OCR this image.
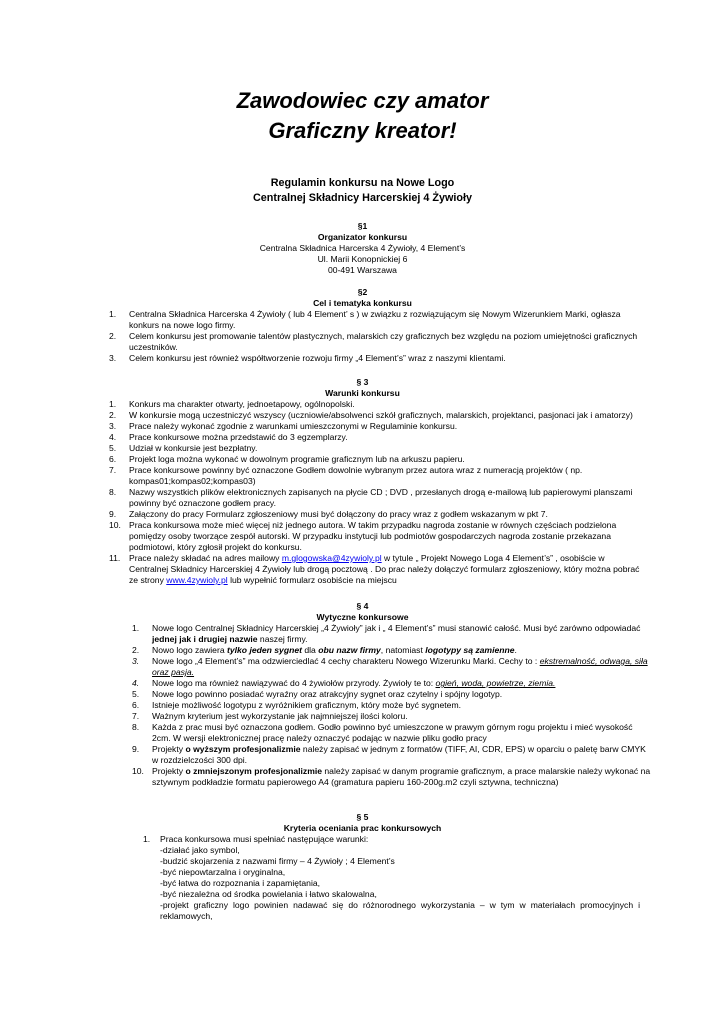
Zawodowiec czy amator
Graficzny kreator!
Regulamin konkursu na Nowe Logo
Centralnej Składnicy Harcerskiej 4 Żywioły
§1
Organizator konkursu
Centralna Składnica Harcerska 4 Żywioły, 4 Element’s
Ul. Marii Konopnickiej 6
00-491 Warszawa
§2
Cel i tematyka konkursu
1.	Centralna Składnica Harcerska 4 Żywioły ( lub 4 Element’ s ) w związku z rozwiązującym się Nowym Wizerunkiem Marki, ogłasza konkurs na nowe logo firmy.
2.	Celem konkursu jest promowanie talentów plastycznych, malarskich czy graficznych bez względu na poziom umiejętności graficznych uczestników.
3.	Celem konkursu jest również współtworzenie rozwoju firmy „4 Element’s” wraz z naszymi klientami.
§ 3
Warunki konkursu
1.	Konkurs ma charakter otwarty, jednoetapowy, ogólnopolski.
2.	W konkursie mogą uczestniczyć wszyscy (uczniowie/absolwenci szkół graficznych, malarskich, projektanci, pasjonaci jak i amatorzy)
3.	Prace należy wykonać zgodnie z warunkami umieszczonymi w Regulaminie konkursu.
4.	Prace konkursowe można przedstawić do 3 egzemplarzy.
5.	Udział w konkursie jest bezpłatny.
6.	Projekt loga można wykonać w dowolnym programie graficznym lub na arkuszu papieru.
7.	Prace konkursowe powinny być oznaczone Godłem dowolnie wybranym przez autora wraz z numeracją projektów ( np. kompas01;kompas02;kompas03)
8.	Nazwy wszystkich plików elektronicznych zapisanych na płycie CD ; DVD , przesłanych drogą e-mailową lub papierowymi planszami powinny być oznaczone godłem pracy.
9.	Załączony do pracy Formularz zgłoszeniowy musi być dołączony do pracy wraz z godłem wskazanym w pkt 7.
10. Praca konkursowa może mieć więcej niż jednego autora. W takim przypadku nagroda zostanie w równych częściach podzielona pomiędzy osoby tworzące zespół autorski. W przypadku instytucji lub podmiotów gospodarczych nagroda zostanie przekazana podmiotowi, który zgłosił projekt do konkursu.
11.	Prace należy składać na adres mailowy m.glogowska@4zywioly.pl w tytule „ Projekt Nowego Loga 4 Element’s” , osobiście w Centralnej Składnicy Harcerskiej 4 Żywioły lub drogą pocztową . Do prac należy dołączyć formularz zgłoszeniowy, który można pobrać ze strony www.4zywioly.pl lub wypełnić formularz osobiście na miejscu
§ 4
Wytyczne konkursowe
1.	Nowe logo Centralnej Składnicy Harcerskiej „4 Żywioły” jak i „ 4 Element’s” musi stanowić całość. Musi być zarówno odpowiadać jednej jak i drugiej nazwie naszej firmy.
2.	Nowo logo zawiera tylko jeden sygnet dla obu nazw firmy, natomiast logotypy są zamienne.
3.	Nowe logo „4 Element’s” ma odzwierciedlać 4 cechy charakteru Nowego Wizerunku Marki. Cechy to : ekstremalność, odwaga, siła oraz pasja.
4.	Nowe logo ma również nawiązywać do 4 żywiołów przyrody. Żywioły te to: ogień, woda, powietrze, ziemia.
5.	Nowe logo powinno posiadać wyraźny oraz atrakcyjny sygnet oraz czytelny i spójny logotyp.
6.	Istnieje możliwość logotypu z wyróżnikiem graficznym, który może być sygnetem.
7.	Ważnym kryterium jest wykorzystanie jak najmniejszej ilości koloru.
8.	Każda z prac musi być oznaczona godłem. Godło powinno być umieszczone w prawym górnym rogu projektu i mieć wysokość 2cm. W wersji elektronicznej pracę należy oznaczyć podając w nazwie pliku godło pracy
9.	Projekty o wyższym profesjonalizmie należy zapisać w jednym z formatów (TIFF, AI, CDR, EPS) w oparciu o paletę barw CMYK w rozdzielczości 300 dpi.
10. Projekty o zmniejszonym profesjonalizmie należy zapisać w danym programie graficznym, a prace malarskie należy wykonać na sztywnym podkładzie formatu papierowego A4 (gramatura papieru 160-200g.m2 czyli sztywna, techniczna)
§ 5
Kryteria oceniania prac konkursowych
1. Praca konkursowa musi spełniać następujące warunki:
-działać jako symbol,
-budzić skojarzenia z nazwami firmy – 4 Żywioły ; 4 Element’s
-być niepowtarzalna i oryginalna,
-być łatwa do rozpoznania i zapamiętania,
-być niezależna od środka powielania i łatwo skalowalna,
-projekt graficzny logo powinien nadawać się do różnorodnego wykorzystania – w tym w materiałach promocyjnych i reklamowych,
